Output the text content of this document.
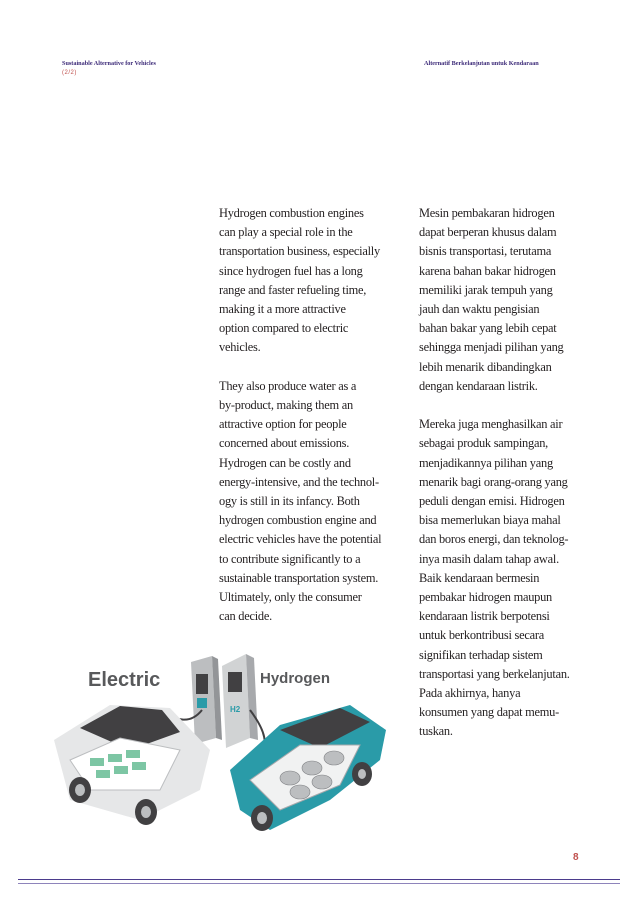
Sustainable Alternative for Vehicles
(2/2)
Alternatif Berkelanjutan untuk Kendaraan

Hydrogen combustion engines
can play a special role in the
transportation business, especially
since hydrogen fuel has a long
range and faster refueling time,
making it a more attractive
option compared to electric
vehicles.

They also produce water as a
by-product, making them an
attractive option for people
concerned about emissions.
Hydrogen can be costly and
energy-intensive, and the technol-
ogy is still in its infancy. Both
hydrogen combustion engine and
electric vehicles have the potential
to contribute significantly to a
sustainable transportation system.
Ultimately, only the consumer
can decide.

Mesin pembakaran hidrogen
dapat berperan khusus dalam
bisnis transportasi, terutama
karena bahan bakar hidrogen
memiliki jarak tempuh yang
jauh dan waktu pengisian
bahan bakar yang lebih cepat
sehingga menjadi pilihan yang
lebih menarik dibandingkan
dengan kendaraan listrik.

Mereka juga menghasilkan air
sebagai produk sampingan,
menjadikannya pilihan yang
menarik bagi orang-orang yang
peduli dengan emisi. Hidrogen
bisa memerlukan biaya mahal
dan boros energi, dan teknolog-
inya masih dalam tahap awal.
Baik kendaraan bermesin
pembakar hidrogen maupun
kendaraan listrik berpotensi
untuk berkontribusi secara
signifikan terhadap sistem
transportasi yang berkelanjutan.
Pada akhirnya, hanya
konsumen yang dapat memu-
tuskan.

Electric	Hydrogen
H2
8
